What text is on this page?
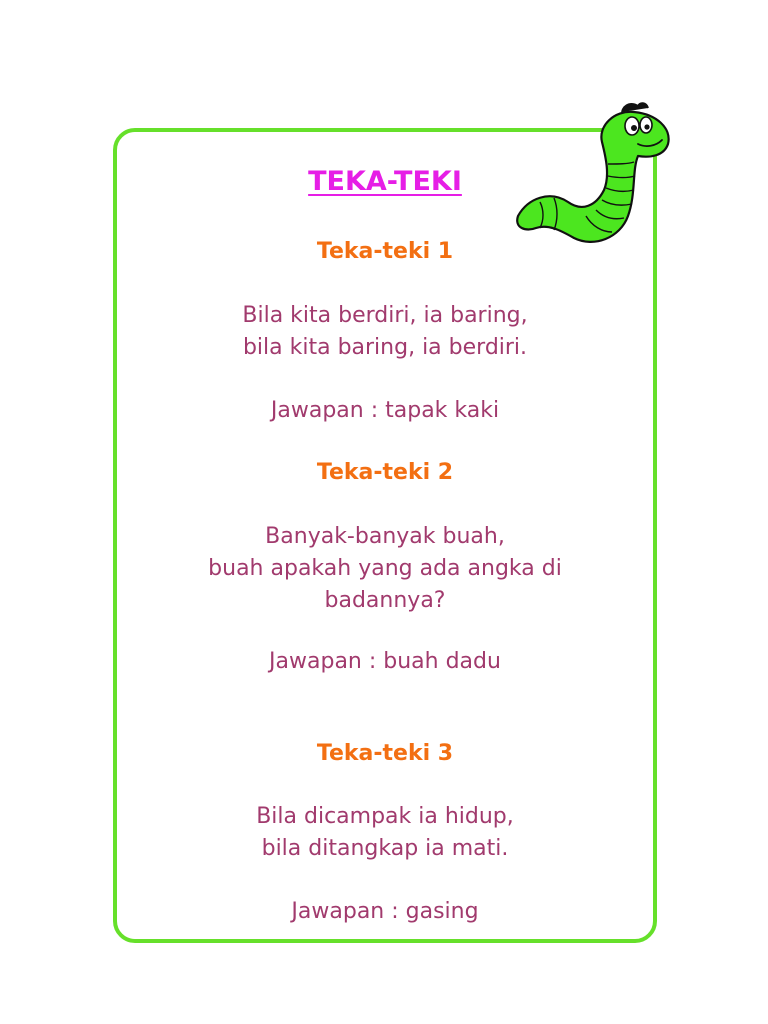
TEKA-TEKI
Teka-teki 1
Bila kita berdiri, ia baring,
bila kita baring, ia berdiri.
Jawapan : tapak kaki
Teka-teki 2
Banyak-banyak buah,
buah apakah yang ada angka di
badannya?
Jawapan : buah dadu
Teka-teki 3
Bila dicampak ia hidup,
bila ditangkap ia mati.
Jawapan : gasing
